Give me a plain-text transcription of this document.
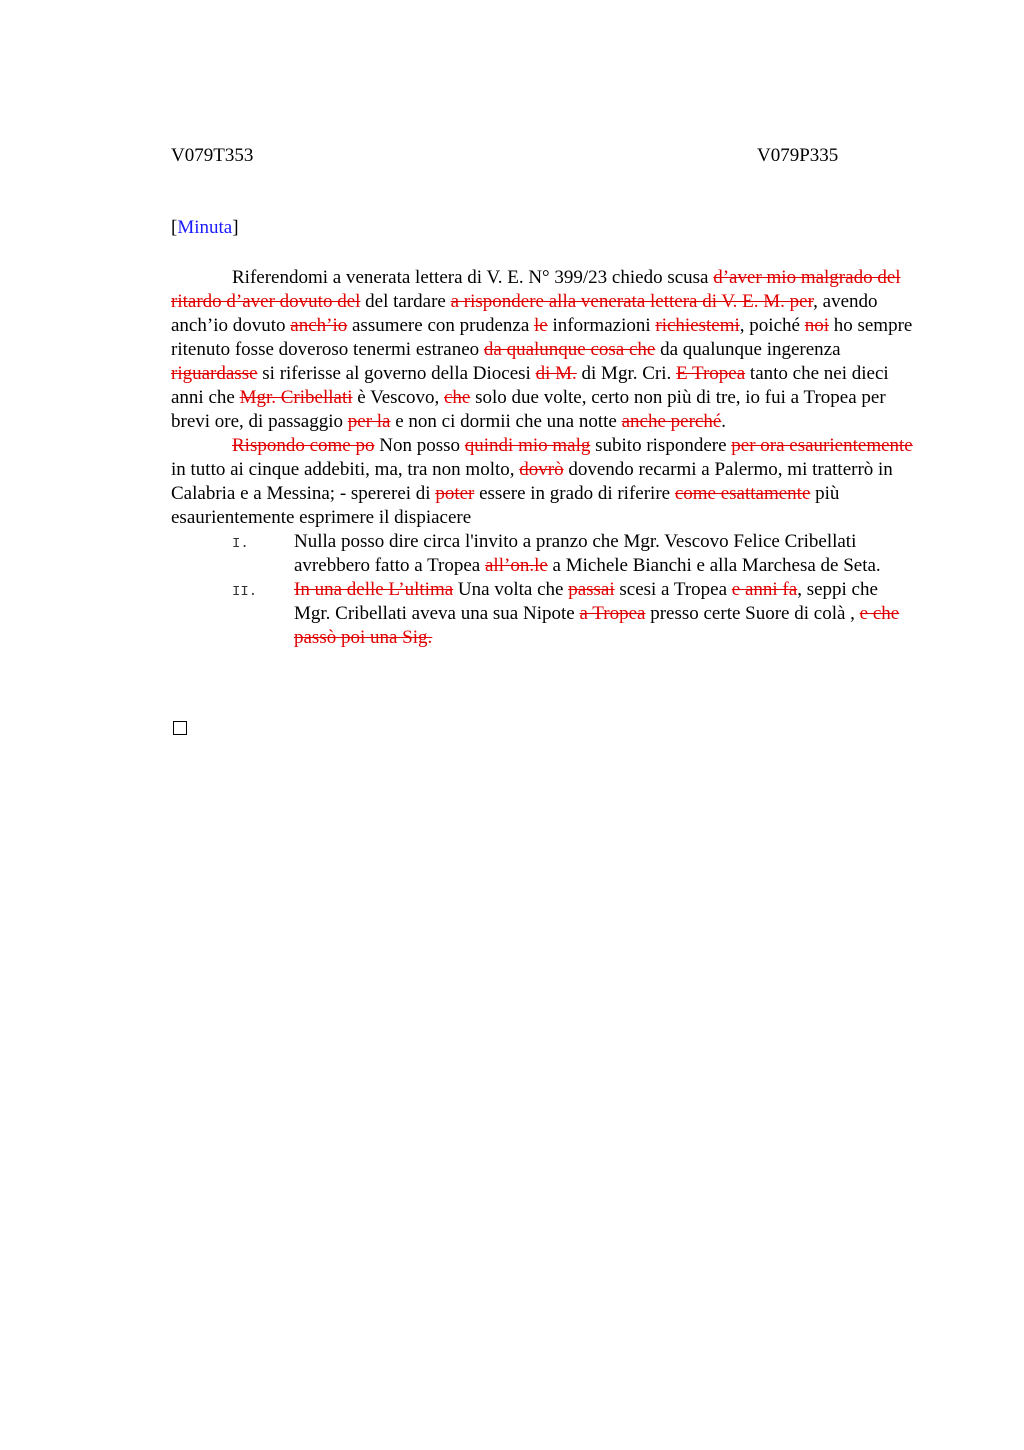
V079T353	V079P335
[Minuta]

Riferendomi a venerata lettera di V. E. N° 399/23 chiedo scusa d’aver mio malgrado del ritardo d’aver dovuto del del tardare a rispondere alla venerata lettera di V. E. M. per, avendo anch’io dovuto anch’io assumere con prudenza le informazioni richiestemi, poiché noi ho sempre ritenuto fosse doveroso tenermi estraneo da qualunque cosa che da qualunque ingerenza riguardasse si riferisse al governo della Diocesi di M. di Mgr. Cri. E Tropea tanto che nei dieci anni che Mgr. Cribellati è Vescovo, che solo due volte, certo non più di tre, io fui a Tropea per brevi ore, di passaggio per la e non ci dormii che una notte anche perché.

Rispondo come po Non posso quindi mio malg subito rispondere per ora esaurientemente in tutto ai cinque addebiti, ma, tra non molto, dovrò dovendo recarmi a Palermo, mi tratterrò in Calabria e a Messina; - spererei di poter essere in grado di riferire come esattamente più esaurientemente esprimere il dispiacere

I. Nulla posso dire circa l'invito a pranzo che Mgr. Vescovo Felice Cribellati avrebbero fatto a Tropea all’on.le a Michele Bianchi e alla Marchesa de Seta.
II. In una delle L’ultima Una volta che passai scesi a Tropea e anni fa, seppi che Mgr. Cribellati aveva una sua Nipote a Tropea presso certe Suore di colà , e che passò poi una Sig.
